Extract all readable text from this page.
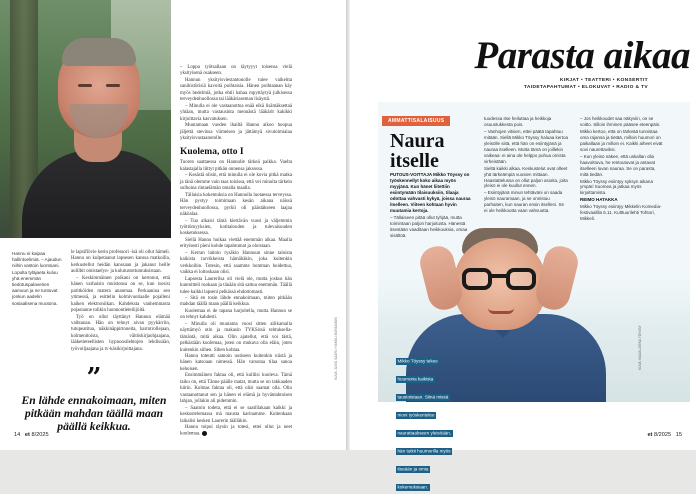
Hannu ei kaipaa hallintoelimiä. – Ajaudun niihin vastoin luontoani. Lopulta tyläjaeta kuluu yhä enemmän tiedotuspalaverien aamuun ja ne tuntuvat jonkun aadelin sosiaalisena muotona.
”
En lähde ennakoimaan, miten pitkään mahdan täällä maan päällä keikkua.

le lapsiflövie kerin professori -isä oli ollut hämeli. Hannu on kulpetaanut lapsesen kanssa matkoilla, kerkustellut heidän kanssaan ja jakanut heille aulilbit omistaelyn- ja kulutustottumuksistaan.

– Keskimmäinen poikani on kertonut, että hänen varhaisin muistonsa on se, kun isosisi paritköiden matera ananmaa. Perkaanioa sen ytimessä, ja esittelin kolmivuotiaalle pojalleni kaiken elektroniikan. Kahdeksta vanhemmasta pojastanne tulikin luonnontieteilijöitä.

Työ on ollut täyttänyt Hannun elämää vaihtanan. Hän on tehnyt aivan pyykärriin, tutupeatitua, näkkinäppirtoneita, harrutrollejaan, kolmenitoista, väitöskirjaohjaajana, lääketieteellisten hypnoosilehtojen lehdissään, työvoiljaajana ja tv-käsikirjoittajana.

– Loppu työtsallaan on täytyyyt toisensa vielä yksityisenä osakseen.

Hannun yksityisviestantonolle tulee vaikeitta sanihistörisiä kavoitä poihtaisia. Hänen poihtaanan käy myös hedelmiä, jotka ehtii hahaa mpyttäytyä julkisessa terveydenhuollossa tai lääkäriaseman lisäystä.

– Minulla ei ole vastaanottoa enää eikä lisämäksettaä yhtäan, mutta vastausinta mennästä lääkärit kakikki kirjoittavia kasvatuksen.

Muutamaan vuoden ihailtä Hannu aikoo hoopua jäljettä stevinsa viimeisen ja jättämyä sivutoimialaa yksityisvastaanotolle.

Kuolema, otto I

Tuoren saattaessa on Hannulle tärkeä paikka. Vaelta kalastajalla liittyt pitkän onnensa jaksossa.

– Kesästä olisin, että minulla ei ole kovia pitkä matka ja tänä olemme vain taas toisissa, että vei minulta tärkein sulhoina rintaelämän omalla maalla.

Tällaisia kokemuksia on Hannulla luotaessa terveyssa. Hän pystyy toimimaan kesän aikana näissä terveydenhuollossa, pyrkii oli päästäkseen laajaa näköalaa.

– Tuo alkaisi tämä kiertävän vuosi ja väljemmin työttömyyksien, kotitalouden ja tulevaisuuden kosketuksessa.

Siellä Hannu huikaa viettäå enemmän aikaa. Maalla erityisesti pieni kohde tapahtumat ja oloistaan.

– Kerran laitoin rysäkin Hannuun sinne taloista kaikista tarvikkeista hämähäkin, joka kuitenkin verkkoihin. Totesin, että saamme homman hoidettua, vaikka ei loitoskaan olisi.

Lapsesta Laurerilsa oli vielä ole, mutta joskus hän kuntoitteli ruokaan ja tänään sitä sattuu enemmän. Täällä tulee kaikki lapseni pelkässä ehdottomasti.

– Sitä en tosin lähde ennakoimaan, miten pitkään mahdan täällä maan päällä keikkua.

Kuolemaa ei de tapana harjoitella, mutta Hannun se on tehnyt kahdesti.

– Minulla oli muutama vuosi sitten aliikamalla näyttämyö otin ja makasin TYKSissä tehtuksella-tämäntä, mitä aikaa. Olin ajatellut, että voi tästä, pelkästään kuolemaa, joten on mukava olla eläin, joten kuitenkin siihen. Sihen kohtaa.

Hannu toteutti samoin uutiseen kuitenkin niistä ja hänen katsoaan nimessä. Hän varustaa tilaa sanoa kehoisen.

Ensimmäinen faktaa oli, että kulilisi kuoleva. Tämä taiku on, että Tänne päälle matat, mutta se on takkaaden hiirin. Kolmas faktaa oli, että olisi saamat olla. Olin vastaanottanut sen ja hänen ei elämä ja hyväntahtoisen lahjan, jollakin ali pidemmin.

– Saatoin todeta, että ei se saatillakaan kaikki ja keskustelemassa mä mausta karinamme. Kuitenkaan laikalisi kesken Laurerin täälläkin.

Hannu toipui täysin ja totesi, ettei ollut ja neet kuolemaa.

KUVA: JUSSI SAARI / HANNU MARJAMÄKI
14 et 8/2025
Parasta aikaa
KIRJAT • TEATTERI • KONSERTIT
TAIDETAPAHTUMAT • ELOKUVAT • RADIO & TV
AMMATTISALAISUUS
Naura
itselle

PUTOUS-VOITTAJA Mikko Töyssy on työskennellyt koko aikaa myös myyjänä. Kun hänet liitettiin esiintymään tilaisuuksiin, tilaaja odottaa vahvasti kykyä, joissa nauraa itselleen. Viiteen kohtaan hyvin muutamia kertoja.

– Tällaiseen pitää ollut tyhjää, mutta toimintaan paljon harjoitusta. Hänestä itsestään vaaditaan heikkouksia, omaa sisältöä.

tuodessa itse heiluttaa ja heikkoja osuustukkesta pois.

– Vanhojen vitsien, ettei päätä tapahtuu mitään. Siellä Mikko Töyssy haluaa kertoa yleisölle siitä, että hän on esiintyjänä ja nauraa itselleen. Mutta tämä on joillekin vaikeaa: ei aina ole helppo puhua omista virheistään.

Sieltä kaikki alkaa. Keskustelut ovat olleet yhä tärkeämpiä vuosien mittaan. Haastattelussa on ollut paljon asioita, joita yleisö ei ole kuullut ennen.

– Esiintyjänä minun tehtäväni on saada yleisö nauramaan, ja se onnistuu parhaiten, kun nauran ensin itselleni. Se ei ole heikkoutta vaan vahvuutta.

– Jos heikkoudet saa näkyviin, on se voitto. Silloin ihminen pääsee eteenpäin.

Mikko kertoo, että on tärkeää tunnistaa oma rajansa ja tietää, milloin huumori on paikallaan ja milloin ei. Kaikki aiheet eivät sovi naurettaviksi.

– Kun yleisö näkee, että uskallan olla haavoittuva, he rentoutuvat ja antavat itselleen luvan nauraa. Se on parasta, mitä tiedän.

Mikko Töyssy esiintyy syksyn aikana ympäri Suomea ja jatkaa myös kirjoittamista.

REIMO HATAKKA

Mikko Töyssy esiintyy Mikkelin Komedia-festivaalilla 6.11. Kulttuurilehti Tohtori, Mikkeli.

et 8/2025 15
Mikko Töyssy tekee huumoria kaikista taustoistaan. Siinä missä moni työskentelee naurattaakseen yleisöään, hän tutkii huumorilla myös itseään ja omia kokemuksiaan.
KUVA: MAIJA-LEENA TÖYSSY
